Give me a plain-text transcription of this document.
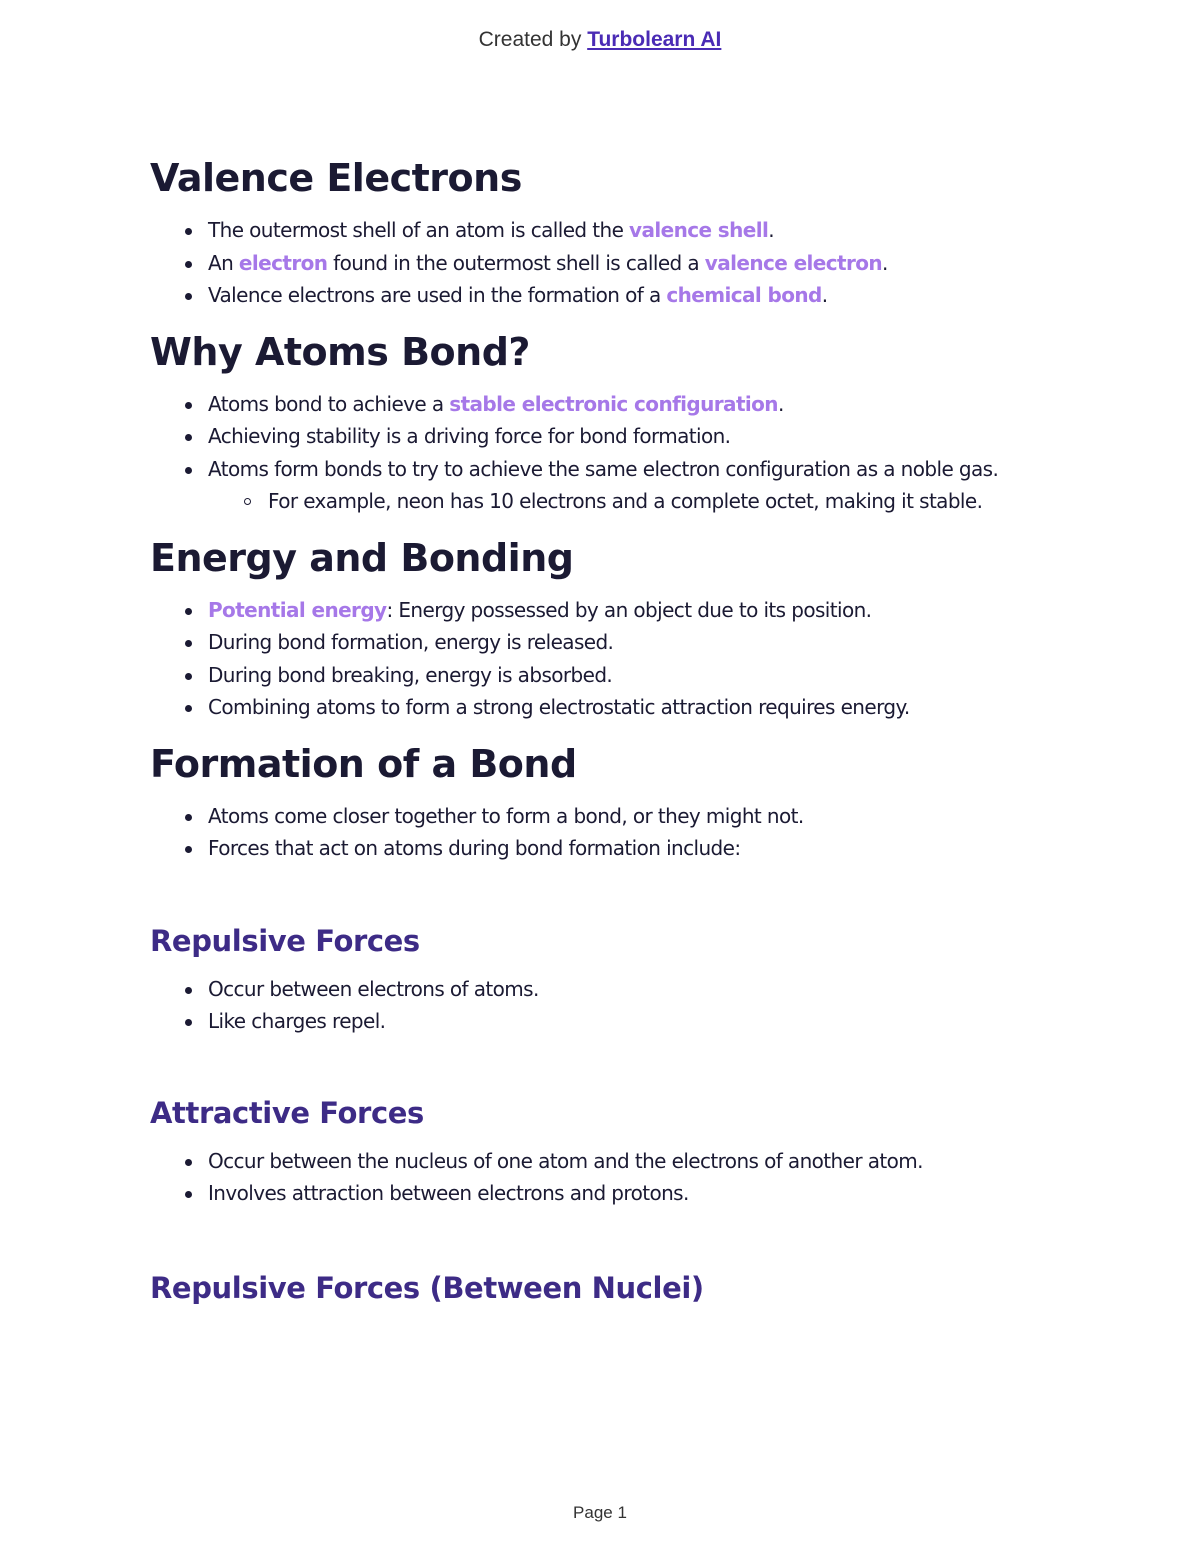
Created by Turbolearn AI
Valence Electrons
The outermost shell of an atom is called the valence shell.
An electron found in the outermost shell is called a valence electron.
Valence electrons are used in the formation of a chemical bond.
Why Atoms Bond?
Atoms bond to achieve a stable electronic configuration.
Achieving stability is a driving force for bond formation.
Atoms form bonds to try to achieve the same electron configuration as a noble gas.
For example, neon has 10 electrons and a complete octet, making it stable.
Energy and Bonding
Potential energy: Energy possessed by an object due to its position.
During bond formation, energy is released.
During bond breaking, energy is absorbed.
Combining atoms to form a strong electrostatic attraction requires energy.
Formation of a Bond
Atoms come closer together to form a bond, or they might not.
Forces that act on atoms during bond formation include:
Repulsive Forces
Occur between electrons of atoms.
Like charges repel.
Attractive Forces
Occur between the nucleus of one atom and the electrons of another atom.
Involves attraction between electrons and protons.
Repulsive Forces (Between Nuclei)
Page 1
